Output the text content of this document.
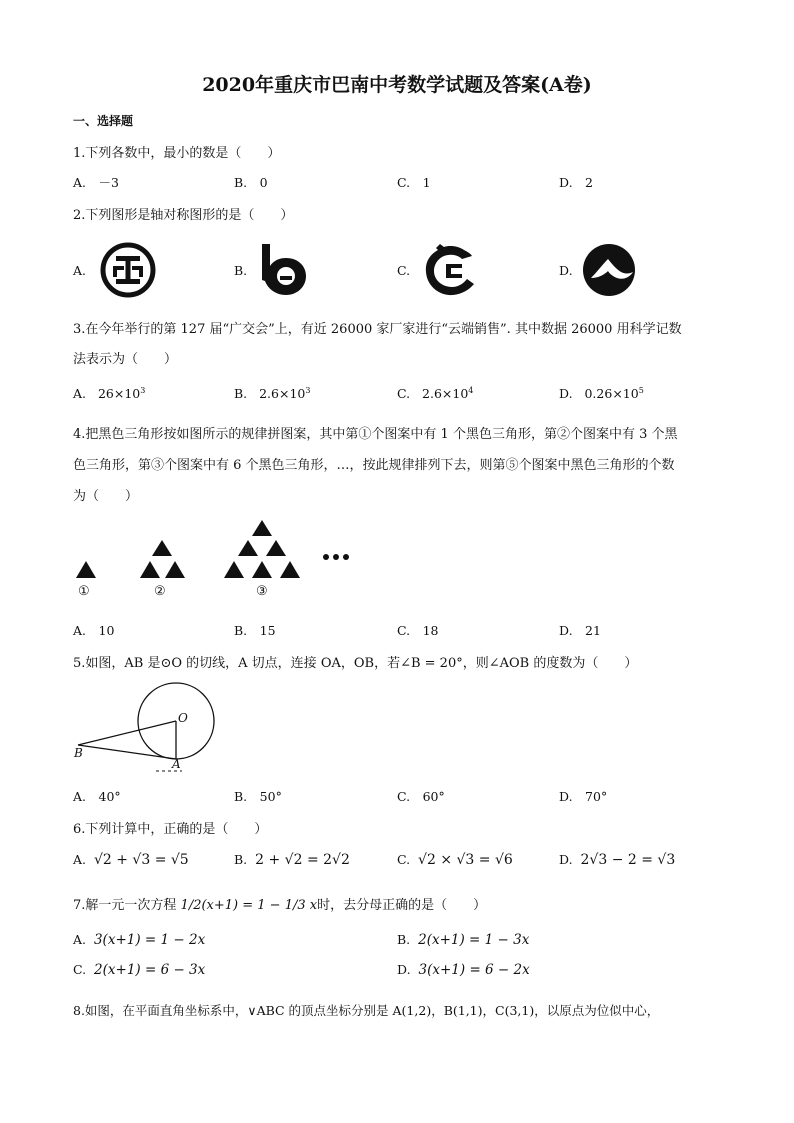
2020年重庆市巴南中考数学试题及答案(A卷)
一、选择题
1.下列各数中，最小的数是（　　）
A.　－3	B.　0	C.　1	D.　2
2.下列图形是轴对称图形的是（　　）
A.	B.	C.	D.
3.在今年举行的第 127 届“广交会”上，有近 26000 家厂家进行“云端销售”. 其中数据 26000 用科学记数
法表示为（　　）
A. $26\times 10^3$	B. $2.6\times 10^3$	C. $2.6\times 10^4$	D. $0.26\times 10^5$
4.把黑色三角形按如图所示的规律拼图案，其中第①个图案中有 1 个黑色三角形，第②个图案中有 3 个黑
色三角形，第③个图案中有 6 个黑色三角形，…，按此规律排列下去，则第⑤个图案中黑色三角形的个数
为（　　）
①	②	③
A.　10	B.　15	C.　18	D.　21
5.如图，AB 是⊙O 的切线，A 切点，连接 OA，OB，若∠B = 20°，则∠AOB 的度数为（　　）
O
A
B
A.　40°	B.　50°	C.　60°	D.　70°
6.下列计算中，正确的是（　　）
A. √2 + √3 = √5	B. 2 + √2 = 2√2	C. √2 × √3 = √6	D. 2√3 − 2 = √3
7.解一元一次方程 1/2(x+1) = 1 − 1/3 x时，去分母正确的是（　　）
A. 3(x+1) = 1 − 2x	B. 2(x+1) = 1 − 3x
C. 2(x+1) = 6 − 3x	D. 3(x+1) = 6 − 2x
8.如图，在平面直角坐标系中，∨ABC 的顶点坐标分别是 A(1,2)，B(1,1)，C(3,1)，以原点为位似中心，
